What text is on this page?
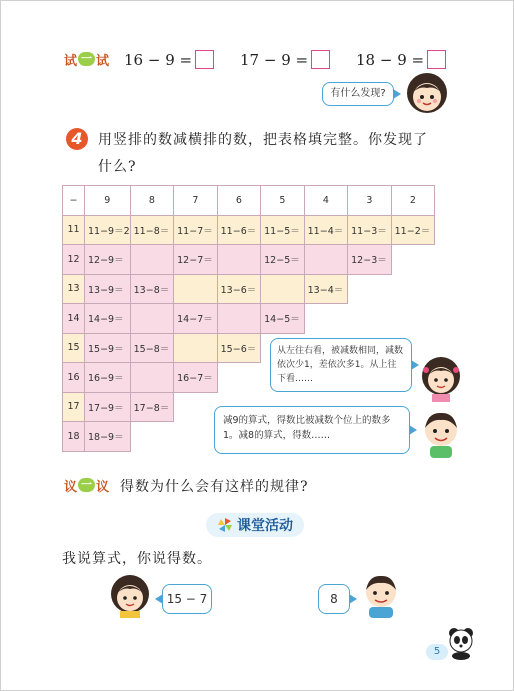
试 一 试 16 − 9 =	17 − 9 =	18 − 9 =
有什么发现?
4	用竖排的数减横排的数，把表格填完整。你发现了
什么?
−	9	8	7	6	5	4	3	2
11	11−9＝2	11−8＝	11−7＝	11−6＝	11−5＝	11−4＝	11−3＝	11−2＝
12	12−9＝		12−7＝		12−5＝		12−3＝	
13	13−9＝	13−8＝		13−6＝		13−4＝		
14	14−9＝		14−7＝		14−5＝			
15	15−9＝	15−8＝		15−6＝				
16	16−9＝		16−7＝					
17	17−9＝	17−8＝						
18	18−9＝							
从左往右看，被减数相同，减数依次少1，差依次多1。从上往下看……
减9的算式，得数比被减数个位上的数多1。减8的算式，得数……
议 一 议 得数为什么会有这样的规律?
课堂活动
我说算式，你说得数。
15 − 7	8
5
